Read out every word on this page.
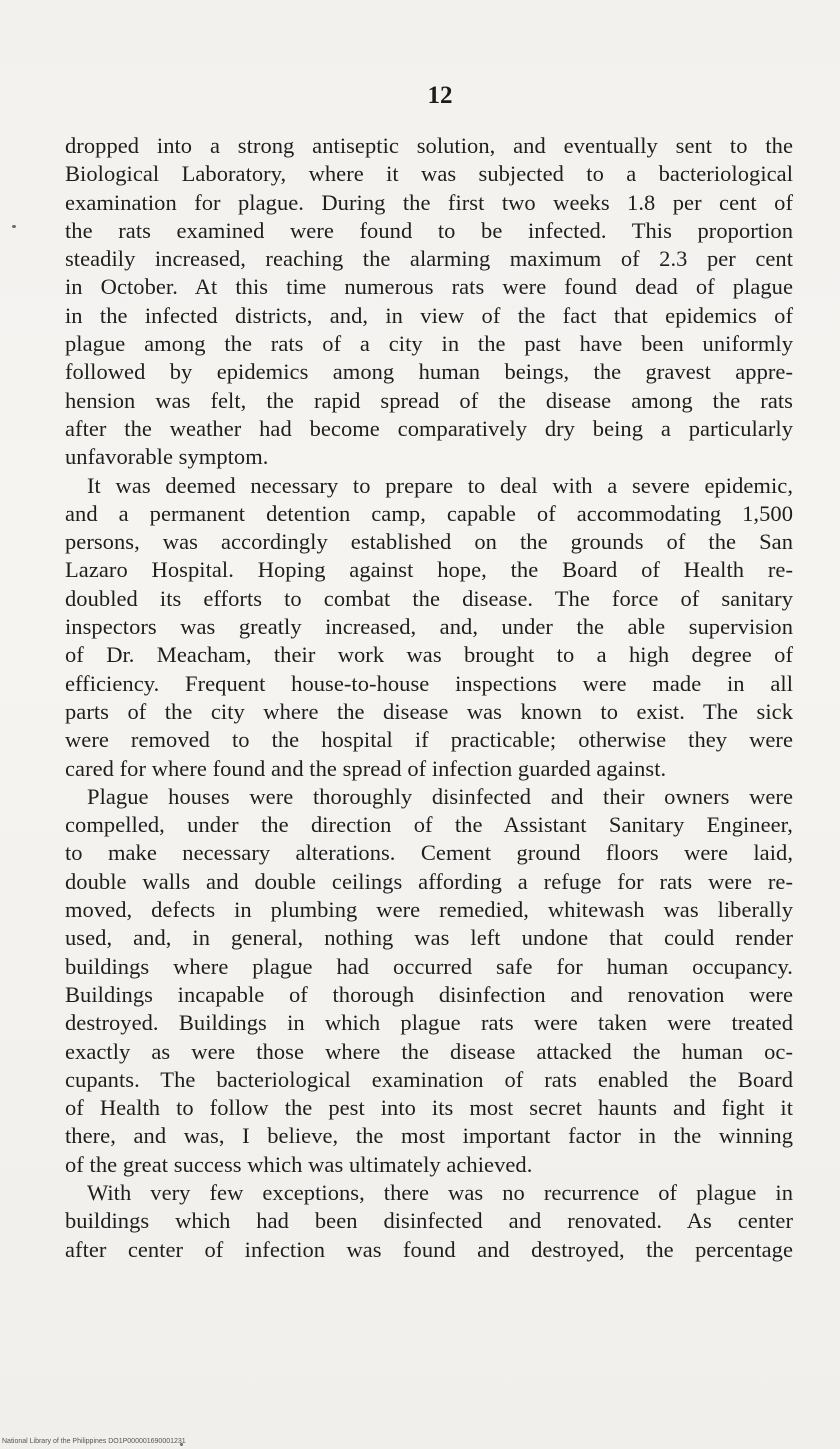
12

dropped into a strong antiseptic solution, and eventually sent to the
Biological Laboratory, where it was subjected to a bacteriological
examination for plague. During the first two weeks 1.8 per cent of
the rats examined were found to be infected. This proportion
steadily increased, reaching the alarming maximum of 2.3 per cent
in October. At this time numerous rats were found dead of plague
in the infected districts, and, in view of the fact that epidemics of
plague among the rats of a city in the past have been uniformly
followed by epidemics among human beings, the gravest appre-
hension was felt, the rapid spread of the disease among the rats
after the weather had become comparatively dry being a particularly
unfavorable symptom.

It was deemed necessary to prepare to deal with a severe epidemic,
and a permanent detention camp, capable of accommodating 1,500
persons, was accordingly established on the grounds of the San
Lazaro Hospital. Hoping against hope, the Board of Health re-
doubled its efforts to combat the disease. The force of sanitary
inspectors was greatly increased, and, under the able supervision
of Dr. Meacham, their work was brought to a high degree of
efficiency. Frequent house-to-house inspections were made in all
parts of the city where the disease was known to exist. The sick
were removed to the hospital if practicable; otherwise they were
cared for where found and the spread of infection guarded against.

Plague houses were thoroughly disinfected and their owners were
compelled, under the direction of the Assistant Sanitary Engineer,
to make necessary alterations. Cement ground floors were laid,
double walls and double ceilings affording a refuge for rats were re-
moved, defects in plumbing were remedied, whitewash was liberally
used, and, in general, nothing was left undone that could render
buildings where plague had occurred safe for human occupancy.
Buildings incapable of thorough disinfection and renovation were
destroyed. Buildings in which plague rats were taken were treated
exactly as were those where the disease attacked the human oc-
cupants. The bacteriological examination of rats enabled the Board
of Health to follow the pest into its most secret haunts and fight it
there, and was, I believe, the most important factor in the winning
of the great success which was ultimately achieved.

With very few exceptions, there was no recurrence of plague in
buildings which had been disinfected and renovated. As center
after center of infection was found and destroyed, the percentage

National Library of the Philippines DO1P000001690001231
